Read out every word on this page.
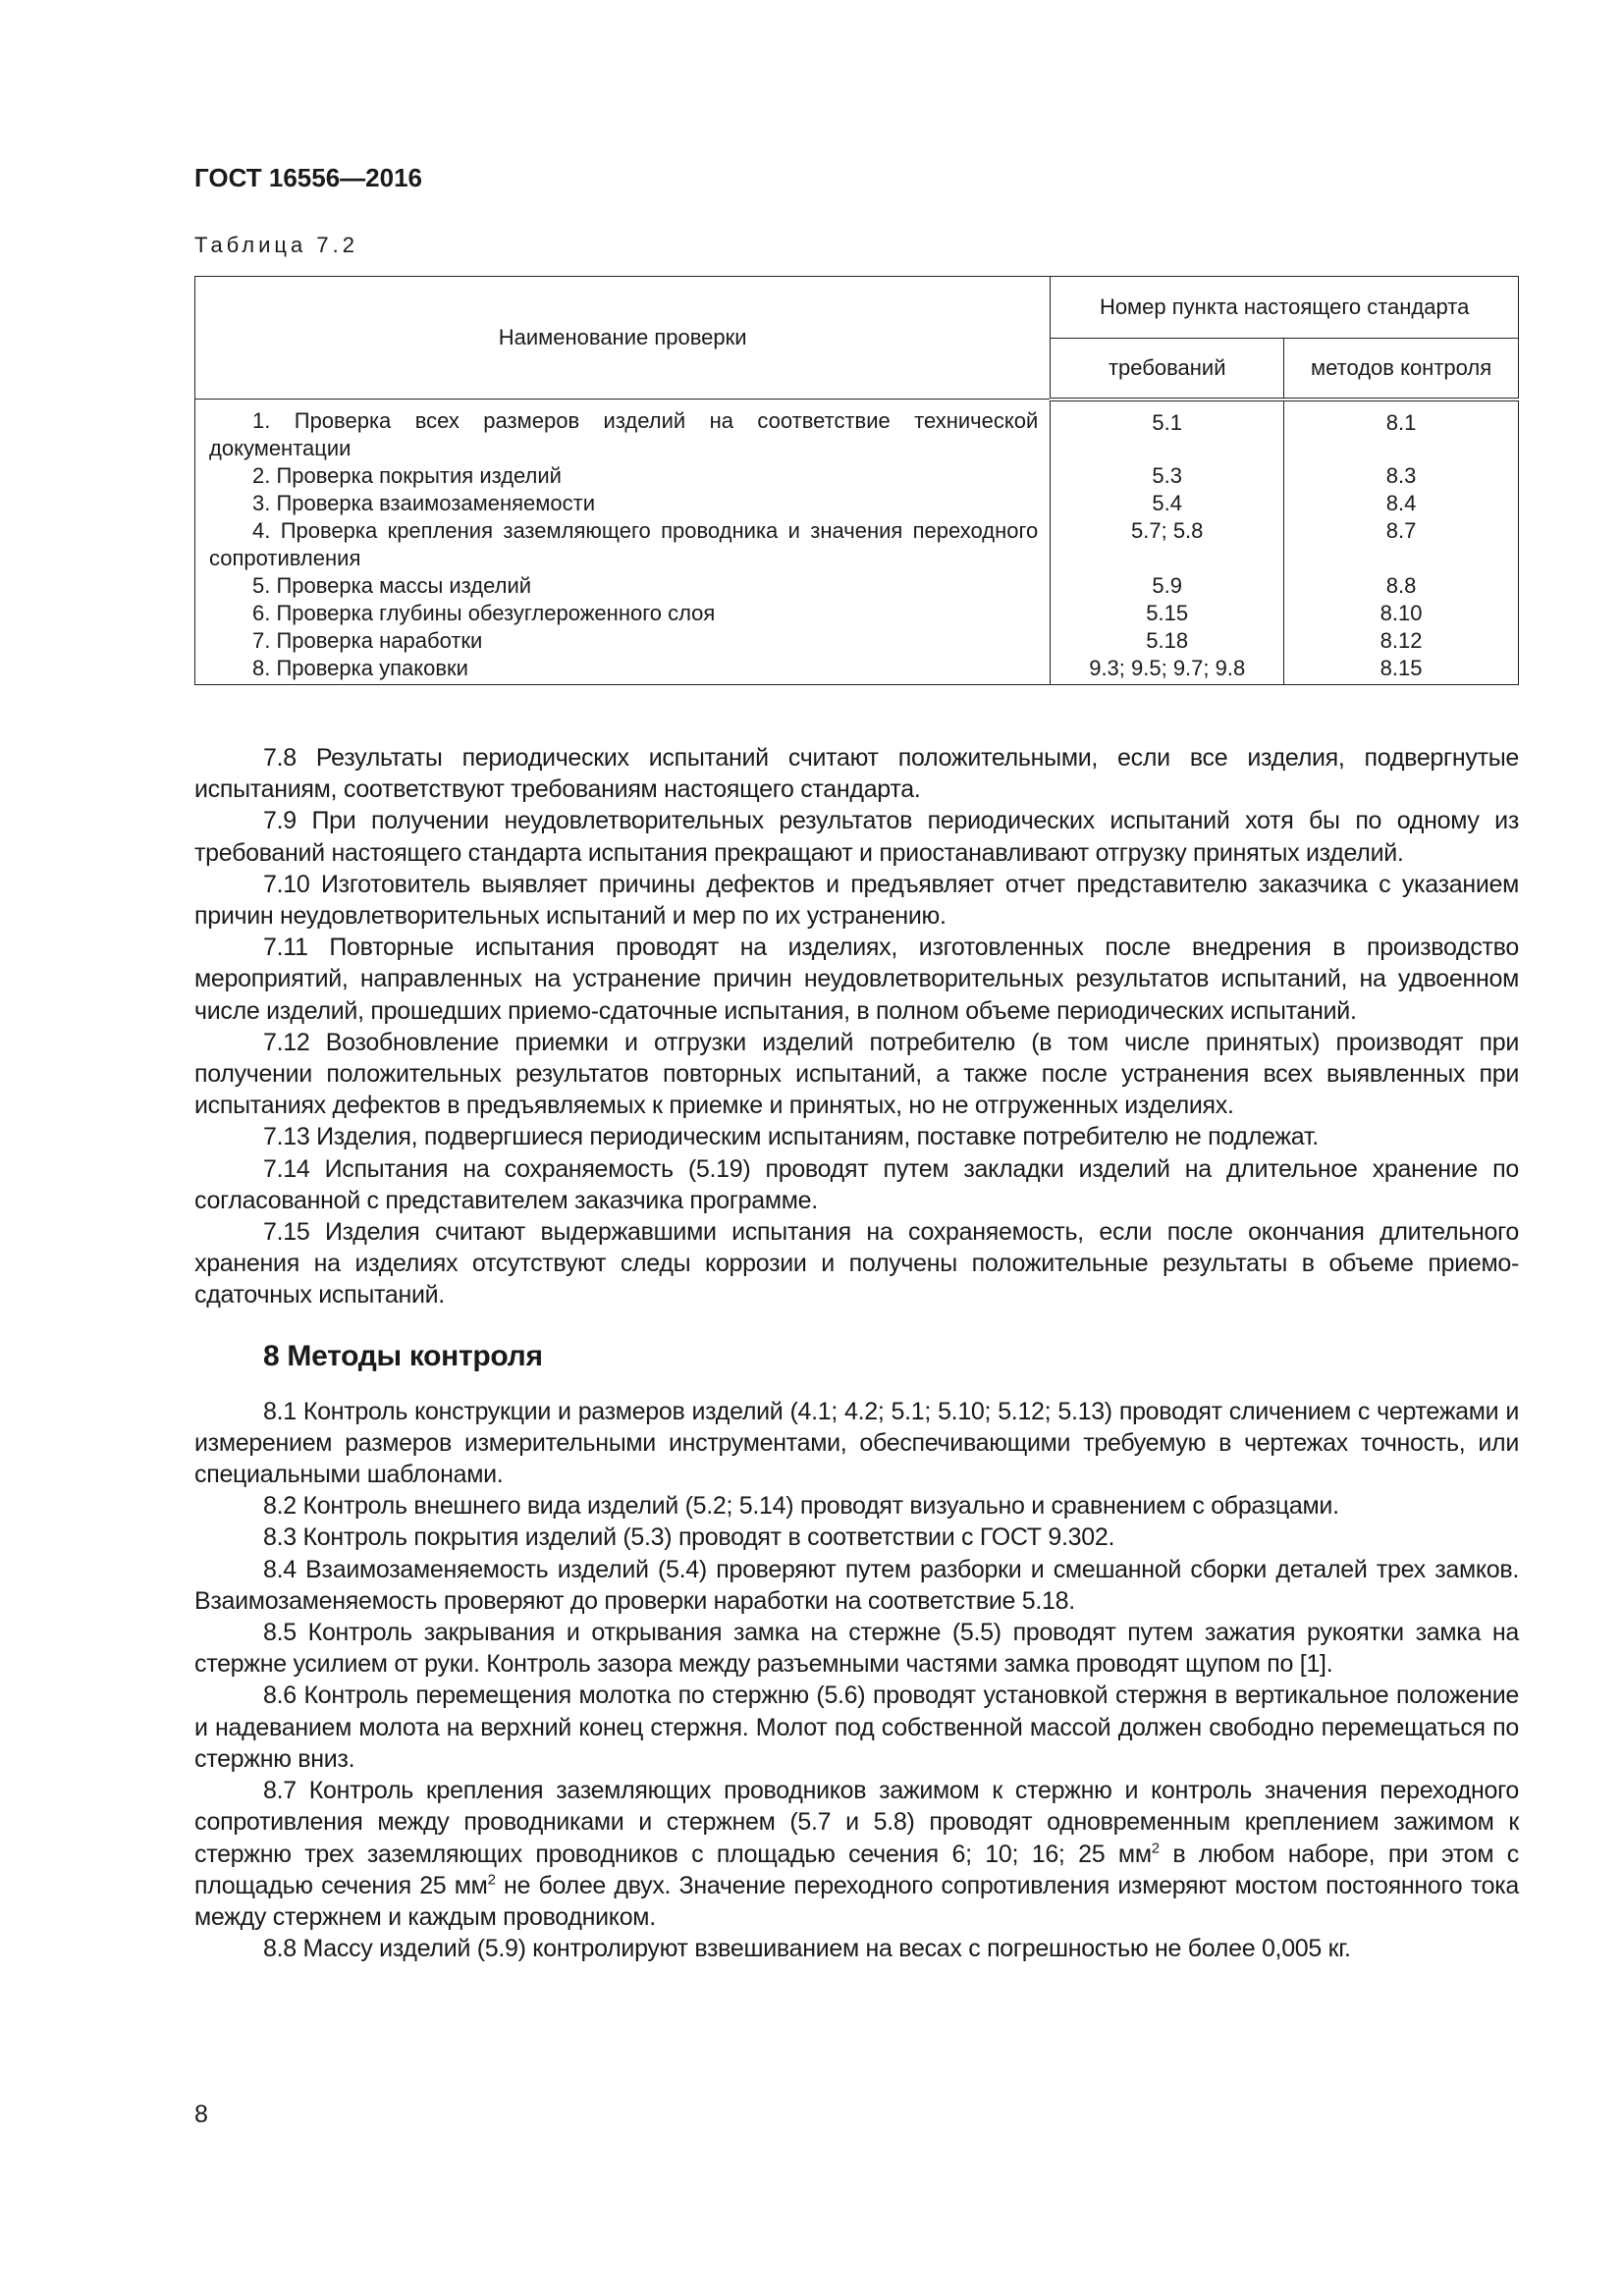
ГОСТ 16556—2016
Таблица 7.2
Наименование проверки	Номер пункта настоящего стандарта	
	требований	методов контроля

1. Проверка всех размеров изделий на соответствие технической документации	5.1	8.1

2. Проверка покрытия изделий	5.3	8.3

3. Проверка взаимозаменяемости	5.4	8.4

4. Проверка крепления заземляющего проводника и значения переходного сопротивления	5.7; 5.8	8.7

5. Проверка массы изделий	5.9	8.8

6. Проверка глубины обезуглероженного слоя	5.15	8.10

7. Проверка наработки	5.18	8.12

8. Проверка упаковки	9.3; 9.5; 9.7; 9.8	8.15

7.8 Результаты периодических испытаний считают положительными, если все изделия, подвергнутые испытаниям, соответствуют требованиям настоящего стандарта.

7.9 При получении неудовлетворительных результатов периодических испытаний хотя бы по одному из требований настоящего стандарта испытания прекращают и приостанавливают отгрузку принятых изделий.

7.10 Изготовитель выявляет причины дефектов и предъявляет отчет представителю заказчика с указанием причин неудовлетворительных испытаний и мер по их устранению.

7.11 Повторные испытания проводят на изделиях, изготовленных после внедрения в производство мероприятий, направленных на устранение причин неудовлетворительных результатов испытаний, на удвоенном числе изделий, прошедших приемо-сдаточные испытания, в полном объеме периодических испытаний.

7.12 Возобновление приемки и отгрузки изделий потребителю (в том числе принятых) производят при получении положительных результатов повторных испытаний, а также после устранения всех выявленных при испытаниях дефектов в предъявляемых к приемке и принятых, но не отгруженных изделиях.

7.13 Изделия, подвергшиеся периодическим испытаниям, поставке потребителю не подлежат.

7.14 Испытания на сохраняемость (5.19) проводят путем закладки изделий на длительное хранение по согласованной с представителем заказчика программе.

7.15 Изделия считают выдержавшими испытания на сохраняемость, если после окончания длительного хранения на изделиях отсутствуют следы коррозии и получены положительные результаты в объеме приемо-сдаточных испытаний.

8 Методы контроля

8.1 Контроль конструкции и размеров изделий (4.1; 4.2; 5.1; 5.10; 5.12; 5.13) проводят сличением с чертежами и измерением размеров измерительными инструментами, обеспечивающими требуемую в чертежах точность, или специальными шаблонами.

8.2 Контроль внешнего вида изделий (5.2; 5.14) проводят визуально и сравнением с образцами.

8.3 Контроль покрытия изделий (5.3) проводят в соответствии с ГОСТ 9.302.

8.4 Взаимозаменяемость изделий (5.4) проверяют путем разборки и смешанной сборки деталей трех замков. Взаимозаменяемость проверяют до проверки наработки на соответствие 5.18.

8.5 Контроль закрывания и открывания замка на стержне (5.5) проводят путем зажатия рукоятки замка на стержне усилием от руки. Контроль зазора между разъемными частями замка проводят щупом по [1].

8.6 Контроль перемещения молотка по стержню (5.6) проводят установкой стержня в вертикальное положение и надеванием молота на верхний конец стержня. Молот под собственной массой должен свободно перемещаться по стержню вниз.

8.7 Контроль крепления заземляющих проводников зажимом к стержню и контроль значения переходного сопротивления между проводниками и стержнем (5.7 и 5.8) проводят одновременным креплением зажимом к стержню трех заземляющих проводников с площадью сечения 6; 10; 16; 25 $мм^2$ в любом наборе, при этом с площадью сечения 25 $мм^2$ не более двух. Значение переходного сопротивления измеряют мостом постоянного тока между стержнем и каждым проводником.

8.8 Массу изделий (5.9) контролируют взвешиванием на весах с погрешностью не более 0,005 кг.

8
